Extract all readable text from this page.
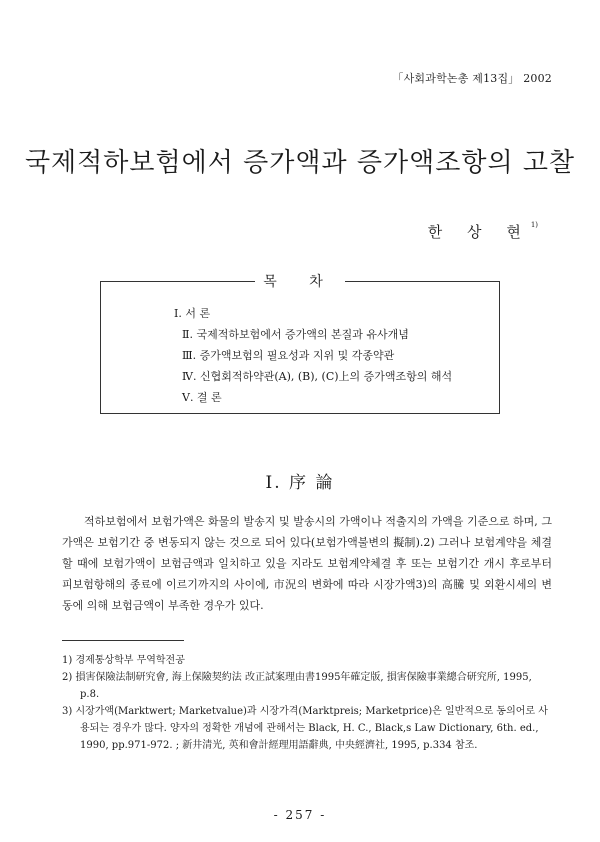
「사회과학논총 제13집」 2002
국제적하보험에서 증가액과 증가액조항의 고찰
한 상 현$^{1)}$
목 차
Ⅰ. 서 론
Ⅱ. 국제적하보험에서 증가액의 본질과 유사개념
Ⅲ. 증가액보험의 필요성과 지위 및 각종약관
Ⅳ. 신협회적하약관(A), (B), (C)上의 증가액조항의 해석
Ⅴ. 결 론
Ⅰ. 序 論

적하보험에서 보험가액은 화물의 발송지 및 발송시의 가액이나 적출지의 가액을 기준으로 하며, 그 가액은 보험기간 중 변동되지 않는 것으로 되어 있다(보험가액불변의 擬制).2) 그러나 보험계약을 체결할 때에 보험가액이 보험금액과 일치하고 있을 지라도 보험계약체결 후 또는 보험기간 개시 후로부터 피보험항해의 종료에 이르기까지의 사이에, 市況의 변화에 따라 시장가액3)의 高騰 및 외환시세의 변동에 의해 보험금액이 부족한 경우가 있다.

1) 경제통상학부 무역학전공
2) 損害保險法制研究會, 海上保險契約法 改正試案理由書1995年確定版, 損害保險事業總合研究所, 1995, p.8.
3) 시장가액(Marktwert; Marketvalue)과 시장가격(Marktpreis; Marketprice)은 일반적으로 동의어로 사용되는 경우가 많다. 양자의 정확한 개념에 관해서는 Black, H. C., Black,s Law Dictionary, 6th. ed., 1990, pp.971-972. ; 新井清光, 英和會計經理用語辭典, 中央經濟社, 1995, p.334 참조.
- 257 -
